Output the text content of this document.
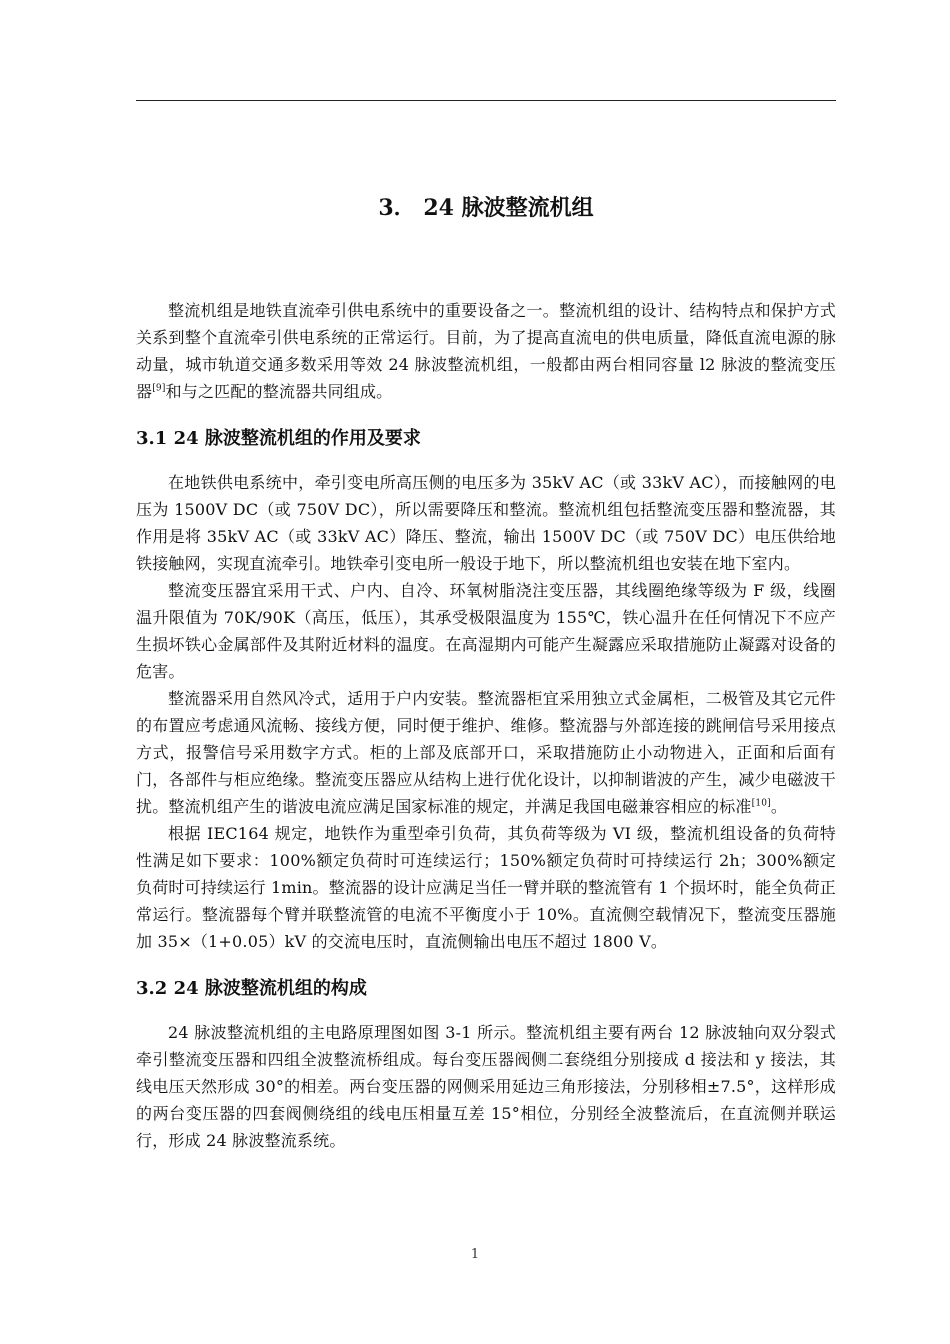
3． 24 脉波整流机组

整流机组是地铁直流牵引供电系统中的重要设备之一。整流机组的设计、结构特点和保护方式关系到整个直流牵引供电系统的正常运行。目前，为了提高直流电的供电质量，降低直流电源的脉动量，城市轨道交通多数采用等效 24 脉波整流机组，一般都由两台相同容量 l2 脉波的整流变压器[9]和与之匹配的整流器共同组成。

3.1 24 脉波整流机组的作用及要求

在地铁供电系统中，牵引变电所高压侧的电压多为 35kV AC（或 33kV AC），而接触网的电压为 1500V DC（或 750V DC），所以需要降压和整流。整流机组包括整流变压器和整流器，其作用是将 35kV AC（或 33kV AC）降压、整流，输出 1500V DC（或 750V DC）电压供给地铁接触网，实现直流牵引。地铁牵引变电所一般设于地下，所以整流机组也安装在地下室内。

整流变压器宜采用干式、户内、自冷、环氧树脂浇注变压器，其线圈绝缘等级为 F 级，线圈温升限值为 70K/90K（高压，低压），其承受极限温度为 155℃，铁心温升在任何情况下不应产生损坏铁心金属部件及其附近材料的温度。在高湿期内可能产生凝露应采取措施防止凝露对设备的危害。

整流器采用自然风冷式，适用于户内安装。整流器柜宜采用独立式金属柜，二极管及其它元件的布置应考虑通风流畅、接线方便，同时便于维护、维修。整流器与外部连接的跳闸信号采用接点方式，报警信号采用数字方式。柜的上部及底部开口，采取措施防止小动物进入，正面和后面有门，各部件与柜应绝缘。整流变压器应从结构上进行优化设计，以抑制谐波的产生，减少电磁波干扰。整流机组产生的谐波电流应满足国家标准的规定，并满足我国电磁兼容相应的标准[10]。

根据 IEC164 规定，地铁作为重型牵引负荷，其负荷等级为 VI 级，整流机组设备的负荷特性满足如下要求：100%额定负荷时可连续运行；150%额定负荷时可持续运行 2h；300%额定负荷时可持续运行 1min。整流器的设计应满足当任一臂并联的整流管有 1 个损坏时，能全负荷正常运行。整流器每个臂并联整流管的电流不平衡度小于 10%。直流侧空载情况下，整流变压器施加 35×（1+0.05）kV 的交流电压时，直流侧输出电压不超过 1800 V。

3.2 24 脉波整流机组的构成

24 脉波整流机组的主电路原理图如图 3-1 所示。整流机组主要有两台 12 脉波轴向双分裂式牵引整流变压器和四组全波整流桥组成。每台变压器阀侧二套绕组分别接成 d 接法和 y 接法，其线电压天然形成 30°的相差。两台变压器的网侧采用延边三角形接法，分别移相±7.5°，这样形成的两台变压器的四套阀侧绕组的线电压相量互差 15°相位，分别经全波整流后，在直流侧并联运行，形成 24 脉波整流系统。

1
